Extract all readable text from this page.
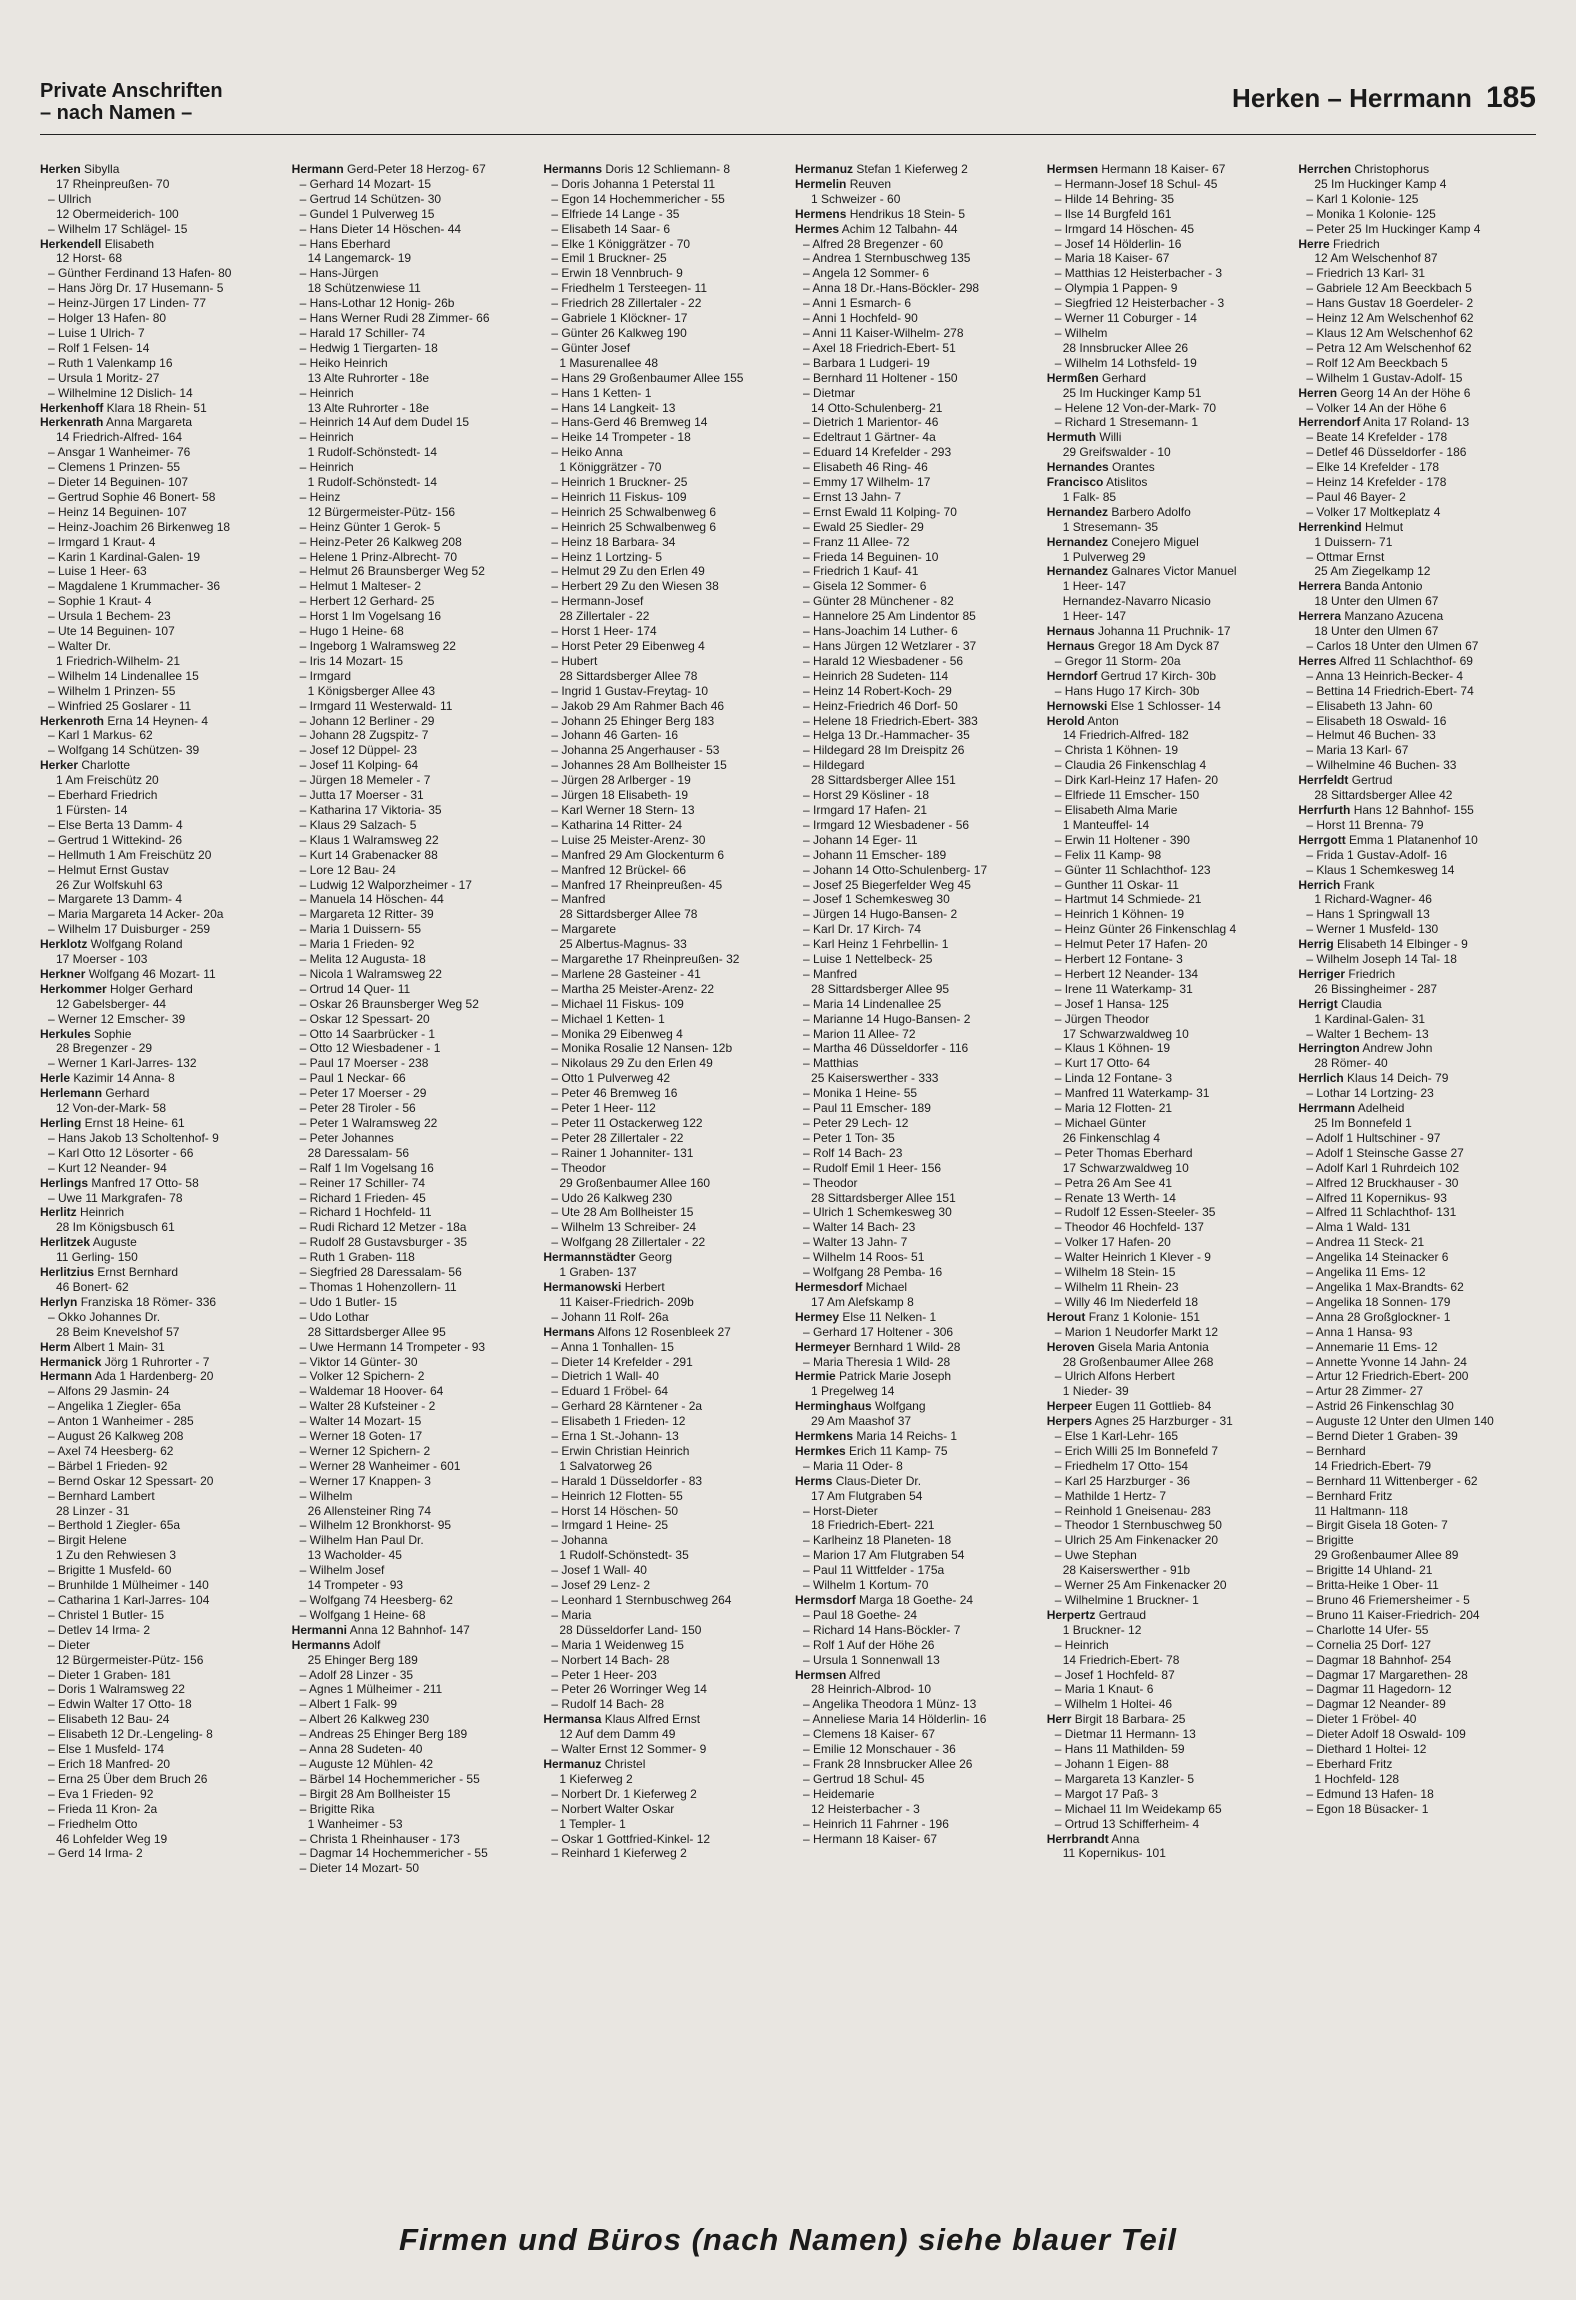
Private Anschriften
– nach Namen –	Herken – Herrmann 185
Herken Sibylla
17 Rheinpreußen- 70
– Ullrich
12 Obermeiderich- 100
– Wilhelm 17 Schlägel- 15
Herkendell Elisabeth
12 Horst- 68
– Günther Ferdinand 13 Hafen- 80
– Hans Jörg Dr. 17 Husemann- 5
– Heinz-Jürgen 17 Linden- 77
– Holger 13 Hafen- 80
– Luise 1 Ulrich- 7
– Rolf 1 Felsen- 14
– Ruth 1 Valenkamp 16
– Ursula 1 Moritz- 27
– Wilhelmine 12 Dislich- 14
Herkenhoff Klara 18 Rhein- 51
Herkenrath Anna Margareta
14 Friedrich-Alfred- 164
– Ansgar 1 Wanheimer- 76
– Clemens 1 Prinzen- 55
– Dieter 14 Beguinen- 107
– Gertrud Sophie 46 Bonert- 58
– Heinz 14 Beguinen- 107
– Heinz-Joachim 26 Birkenweg 18
– Irmgard 1 Kraut- 4
– Karin 1 Kardinal-Galen- 19
– Luise 1 Heer- 63
– Magdalene 1 Krummacher- 36
– Sophie 1 Kraut- 4
– Ursula 1 Bechem- 23
– Ute 14 Beguinen- 107
– Walter Dr.
1 Friedrich-Wilhelm- 21
– Wilhelm 14 Lindenallee 15
– Wilhelm 1 Prinzen- 55
– Winfried 25 Goslarer - 11
Herkenroth Erna 14 Heynen- 4
– Karl 1 Markus- 62
– Wolfgang 14 Schützen- 39
Herker Charlotte
1 Am Freischütz 20
– Eberhard Friedrich
1 Fürsten- 14
– Else Berta 13 Damm- 4
– Gertrud 1 Wittekind- 26
– Hellmuth 1 Am Freischütz 20
– Helmut Ernst Gustav
26 Zur Wolfskuhl 63
– Margarete 13 Damm- 4
– Maria Margareta 14 Acker- 20a
– Wilhelm 17 Duisburger - 259
Herklotz Wolfgang Roland
17 Moerser - 103
Herkner Wolfgang 46 Mozart- 11
Herkommer Holger Gerhard
12 Gabelsberger- 44
– Werner 12 Emscher- 39
Herkules Sophie
28 Bregenzer - 29
– Werner 1 Karl-Jarres- 132
Herle Kazimir 14 Anna- 8
Herlemann Gerhard
12 Von-der-Mark- 58
Herling Ernst 18 Heine- 61
– Hans Jakob 13 Scholtenhof- 9
– Karl Otto 12 Lösorter - 66
– Kurt 12 Neander- 94
Herlings Manfred 17 Otto- 58
– Uwe 11 Markgrafen- 78
Herlitz Heinrich
28 Im Königsbusch 61
Herlitzek Auguste
11 Gerling- 150
Herlitzius Ernst Bernhard
46 Bonert- 62
Herlyn Franziska 18 Römer- 336
– Okko Johannes Dr.
28 Beim Knevelshof 57
Herm Albert 1 Main- 31
Hermanick Jörg 1 Ruhrorter - 7
Hermann Ada 1 Hardenberg- 20
– Alfons 29 Jasmin- 24
– Angelika 1 Ziegler- 65a
– Anton 1 Wanheimer - 285
– August 26 Kalkweg 208
– Axel 74 Heesberg- 62
– Bärbel 1 Frieden- 92
– Bernd Oskar 12 Spessart- 20
– Bernhard Lambert
28 Linzer - 31
– Berthold 1 Ziegler- 65a
– Birgit Helene
1 Zu den Rehwiesen 3
– Brigitte 1 Musfeld- 60
– Brunhilde 1 Mülheimer - 140
– Catharina 1 Karl-Jarres- 104
– Christel 1 Butler- 15
– Detlev 14 Irma- 2
– Dieter
12 Bürgermeister-Pütz- 156
– Dieter 1 Graben- 181
– Doris 1 Walramsweg 22
– Edwin Walter 17 Otto- 18
– Elisabeth 12 Bau- 24
– Elisabeth 12 Dr.-Lengeling- 8
– Else 1 Musfeld- 174
– Erich 18 Manfred- 20
– Erna 25 Über dem Bruch 26
– Eva 1 Frieden- 92
– Frieda 11 Kron- 2a
– Friedhelm Otto
46 Lohfelder Weg 19
– Gerd 14 Irma- 2
Hermann Gerd-Peter 18 Herzog- 67
– Gerhard 14 Mozart- 15
– Gertrud 14 Schützen- 30
– Gundel 1 Pulverweg 15
– Hans Dieter 14 Höschen- 44
– Hans Eberhard
14 Langemarck- 19
– Hans-Jürgen
18 Schützenwiese 11
– Hans-Lothar 12 Honig- 26b
– Hans Werner Rudi 28 Zimmer- 66
– Harald 17 Schiller- 74
– Hedwig 1 Tiergarten- 18
– Heiko Heinrich
13 Alte Ruhrorter - 18e
– Heinrich
13 Alte Ruhrorter - 18e
– Heinrich 14 Auf dem Dudel 15
– Heinrich
1 Rudolf-Schönstedt- 14
– Heinrich
1 Rudolf-Schönstedt- 14
– Heinz
12 Bürgermeister-Pütz- 156
– Heinz Günter 1 Gerok- 5
– Heinz-Peter 26 Kalkweg 208
– Helene 1 Prinz-Albrecht- 70
– Helmut 26 Braunsberger Weg 52
– Helmut 1 Malteser- 2
– Herbert 12 Gerhard- 25
– Horst 1 Im Vogelsang 16
– Hugo 1 Heine- 68
– Ingeborg 1 Walramsweg 22
– Iris 14 Mozart- 15
– Irmgard
1 Königsberger Allee 43
– Irmgard 11 Westerwald- 11
– Johann 12 Berliner - 29
– Johann 28 Zugspitz- 7
– Josef 12 Düppel- 23
– Josef 11 Kolping- 64
– Jürgen 18 Memeler - 7
– Jutta 17 Moerser - 31
– Katharina 17 Viktoria- 35
– Klaus 29 Salzach- 5
– Klaus 1 Walramsweg 22
– Kurt 14 Grabenacker 88
– Lore 12 Bau- 24
– Ludwig 12 Walporzheimer - 17
– Manuela 14 Höschen- 44
– Margareta 12 Ritter- 39
– Maria 1 Duissern- 55
– Maria 1 Frieden- 92
– Melita 12 Augusta- 18
– Nicola 1 Walramsweg 22
– Ortrud 14 Quer- 11
– Oskar 26 Braunsberger Weg 52
– Oskar 12 Spessart- 20
– Otto 14 Saarbrücker - 1
– Otto 12 Wiesbadener - 1
– Paul 17 Moerser - 238
– Paul 1 Neckar- 66
– Peter 17 Moerser - 29
– Peter 28 Tiroler - 56
– Peter 1 Walramsweg 22
– Peter Johannes
28 Daressalam- 56
– Ralf 1 Im Vogelsang 16
– Reiner 17 Schiller- 74
– Richard 1 Frieden- 45
– Richard 1 Hochfeld- 11
– Rudi Richard 12 Metzer - 18a
– Rudolf 28 Gustavsburger - 35
– Ruth 1 Graben- 118
– Siegfried 28 Daressalam- 56
– Thomas 1 Hohenzollern- 11
– Udo 1 Butler- 15
– Udo Lothar
28 Sittardsberger Allee 95
– Uwe Hermann 14 Trompeter - 93
– Viktor 14 Günter- 30
– Volker 12 Spichern- 2
– Waldemar 18 Hoover- 64
– Walter 28 Kufsteiner - 2
– Walter 14 Mozart- 15
– Werner 18 Goten- 17
– Werner 12 Spichern- 2
– Werner 28 Wanheimer - 601
– Werner 17 Knappen- 3
– Wilhelm
26 Allensteiner Ring 74
– Wilhelm 12 Bronkhorst- 95
– Wilhelm Han Paul Dr.
13 Wacholder- 45
– Wilhelm Josef
14 Trompeter - 93
– Wolfgang 74 Heesberg- 62
– Wolfgang 1 Heine- 68
Hermanni Anna 12 Bahnhof- 147
Hermanns Adolf
25 Ehinger Berg 189
– Adolf 28 Linzer - 35
– Agnes 1 Mülheimer - 211
– Albert 1 Falk- 99
– Albert 26 Kalkweg 230
– Andreas 25 Ehinger Berg 189
– Anna 28 Sudeten- 40
– Auguste 12 Mühlen- 42
– Bärbel 14 Hochemmericher - 55
– Birgit 28 Am Bollheister 15
– Brigitte Rika
1 Wanheimer - 53
– Christa 1 Rheinhauser - 173
– Dagmar 14 Hochemmericher - 55
– Dieter 14 Mozart- 50
Hermanns Doris 12 Schliemann- 8
– Doris Johanna 1 Peterstal 11
– Egon 14 Hochemmericher - 55
– Elfriede 14 Lange - 35
– Elisabeth 14 Saar- 6
– Elke 1 Königgrätzer - 70
– Emil 1 Bruckner- 25
– Erwin 18 Vennbruch- 9
– Friedhelm 1 Tersteegen- 11
– Friedrich 28 Zillertaler - 22
– Gabriele 1 Klöckner- 17
– Günter 26 Kalkweg 190
– Günter Josef
1 Masurenallee 48
– Hans 29 Großenbaumer Allee 155
– Hans 1 Ketten- 1
– Hans 14 Langkeit- 13
– Hans-Gerd 46 Bremweg 14
– Heike 14 Trompeter - 18
– Heiko Anna
1 Königgrätzer - 70
– Heinrich 1 Bruckner- 25
– Heinrich 11 Fiskus- 109
– Heinrich 25 Schwalbenweg 6
– Heinrich 25 Schwalbenweg 6
– Heinz 18 Barbara- 34
– Heinz 1 Lortzing- 5
– Helmut 29 Zu den Erlen 49
– Herbert 29 Zu den Wiesen 38
– Hermann-Josef
28 Zillertaler - 22
– Horst 1 Heer- 174
– Horst Peter 29 Eibenweg 4
– Hubert
28 Sittardsberger Allee 78
– Ingrid 1 Gustav-Freytag- 10
– Jakob 29 Am Rahmer Bach 46
– Johann 25 Ehinger Berg 183
– Johann 46 Garten- 16
– Johanna 25 Angerhauser - 53
– Johannes 28 Am Bollheister 15
– Jürgen 28 Arlberger - 19
– Jürgen 18 Elisabeth- 19
– Karl Werner 18 Stern- 13
– Katharina 14 Ritter- 24
– Luise 25 Meister-Arenz- 30
– Manfred 29 Am Glockenturm 6
– Manfred 12 Brückel- 66
– Manfred 17 Rheinpreußen- 45
– Manfred
28 Sittardsberger Allee 78
– Margarete
25 Albertus-Magnus- 33
– Margarethe 17 Rheinpreußen- 32
– Marlene 28 Gasteiner - 41
– Martha 25 Meister-Arenz- 22
– Michael 11 Fiskus- 109
– Michael 1 Ketten- 1
– Monika 29 Eibenweg 4
– Monika Rosalie 12 Nansen- 12b
– Nikolaus 29 Zu den Erlen 49
– Otto 1 Pulverweg 42
– Peter 46 Bremweg 16
– Peter 1 Heer- 112
– Peter 11 Ostackerweg 122
– Peter 28 Zillertaler - 22
– Rainer 1 Johanniter- 131
– Theodor
29 Großenbaumer Allee 160
– Udo 26 Kalkweg 230
– Ute 28 Am Bollheister 15
– Wilhelm 13 Schreiber- 24
– Wolfgang 28 Zillertaler - 22
Hermannstädter Georg
1 Graben- 137
Hermanowski Herbert
11 Kaiser-Friedrich- 209b
– Johann 11 Rolf- 26a
Hermans Alfons 12 Rosenbleek 27
– Anna 1 Tonhallen- 15
– Dieter 14 Krefelder - 291
– Dietrich 1 Wall- 40
– Eduard 1 Fröbel- 64
– Gerhard 28 Kärntener - 2a
– Elisabeth 1 Frieden- 12
– Erna 1 St.-Johann- 13
– Erwin Christian Heinrich
1 Salvatorweg 26
– Harald 1 Düsseldorfer - 83
– Heinrich 12 Flotten- 55
– Horst 14 Höschen- 50
– Irmgard 1 Heine- 25
– Johanna
1 Rudolf-Schönstedt- 35
– Josef 1 Wall- 40
– Josef 29 Lenz- 2
– Leonhard 1 Sternbuschweg 264
– Maria
28 Düsseldorfer Land- 150
– Maria 1 Weidenweg 15
– Norbert 14 Bach- 28
– Peter 1 Heer- 203
– Peter 26 Worringer Weg 14
– Rudolf 14 Bach- 28
Hermansa Klaus Alfred Ernst
12 Auf dem Damm 49
– Walter Ernst 12 Sommer- 9
Hermanuz Christel
1 Kieferweg 2
– Norbert Dr. 1 Kieferweg 2
– Norbert Walter Oskar
1 Templer- 1
– Oskar 1 Gottfried-Kinkel- 12
– Reinhard 1 Kieferweg 2
Hermanuz Stefan 1 Kieferweg 2
Hermelin Reuven
1 Schweizer - 60
Hermens Hendrikus 18 Stein- 5
Hermes Achim 12 Talbahn- 44
– Alfred 28 Bregenzer - 60
– Andrea 1 Sternbuschweg 135
– Angela 12 Sommer- 6
– Anna 18 Dr.-Hans-Böckler- 298
– Anni 1 Esmarch- 6
– Anni 1 Hochfeld- 90
– Anni 11 Kaiser-Wilhelm- 278
– Axel 18 Friedrich-Ebert- 51
– Barbara 1 Ludgeri- 19
– Bernhard 11 Holtener - 150
– Dietmar
14 Otto-Schulenberg- 21
– Dietrich 1 Marientor- 46
– Edeltraut 1 Gärtner- 4a
– Eduard 14 Krefelder - 293
– Elisabeth 46 Ring- 46
– Emmy 17 Wilhelm- 17
– Ernst 13 Jahn- 7
– Ernst Ewald 11 Kolping- 70
– Ewald 25 Siedler- 29
– Franz 11 Allee- 72
– Frieda 14 Beguinen- 10
– Friedrich 1 Kauf- 41
– Gisela 12 Sommer- 6
– Günter 28 Münchener - 82
– Hannelore 25 Am Lindentor 85
– Hans-Joachim 14 Luther- 6
– Hans Jürgen 12 Wetzlarer - 37
– Harald 12 Wiesbadener - 56
– Heinrich 28 Sudeten- 114
– Heinz 14 Robert-Koch- 29
– Heinz-Friedrich 46 Dorf- 50
– Helene 18 Friedrich-Ebert- 383
– Helga 13 Dr.-Hammacher- 35
– Hildegard 28 Im Dreispitz 26
– Hildegard
28 Sittardsberger Allee 151
– Horst 29 Kösliner - 18
– Irmgard 17 Hafen- 21
– Irmgard 12 Wiesbadener - 56
– Johann 14 Eger- 11
– Johann 11 Emscher- 189
– Johann 14 Otto-Schulenberg- 17
– Josef 25 Biegerfelder Weg 45
– Josef 1 Schemkesweg 30
– Jürgen 14 Hugo-Bansen- 2
– Karl Dr. 17 Kirch- 74
– Karl Heinz 1 Fehrbellin- 1
– Luise 1 Nettelbeck- 25
– Manfred
28 Sittardsberger Allee 95
– Maria 14 Lindenallee 25
– Marianne 14 Hugo-Bansen- 2
– Marion 11 Allee- 72
– Martha 46 Düsseldorfer - 116
– Matthias
25 Kaiserswerther - 333
– Monika 1 Heine- 55
– Paul 11 Emscher- 189
– Peter 29 Lech- 12
– Peter 1 Ton- 35
– Rolf 14 Bach- 23
– Rudolf Emil 1 Heer- 156
– Theodor
28 Sittardsberger Allee 151
– Ulrich 1 Schemkesweg 30
– Walter 14 Bach- 23
– Walter 13 Jahn- 7
– Wilhelm 14 Roos- 51
– Wolfgang 28 Pemba- 16
Hermesdorf Michael
17 Am Alefskamp 8
Hermey Else 11 Nelken- 1
– Gerhard 17 Holtener - 306
Hermeyer Bernhard 1 Wild- 28
– Maria Theresia 1 Wild- 28
Hermie Patrick Marie Joseph
1 Pregelweg 14
Herminghaus Wolfgang
29 Am Maashof 37
Hermkens Maria 14 Reichs- 1
Hermkes Erich 11 Kamp- 75
– Maria 11 Oder- 8
Herms Claus-Dieter Dr.
17 Am Flutgraben 54
– Horst-Dieter
18 Friedrich-Ebert- 221
– Karlheinz 18 Planeten- 18
– Marion 17 Am Flutgraben 54
– Paul 11 Wittfelder - 175a
– Wilhelm 1 Kortum- 70
Hermsdorf Marga 18 Goethe- 24
– Paul 18 Goethe- 24
– Richard 14 Hans-Böckler- 7
– Rolf 1 Auf der Höhe 26
– Ursula 1 Sonnenwall 13
Hermsen Alfred
28 Heinrich-Albrod- 10
– Angelika Theodora 1 Münz- 13
– Anneliese Maria 14 Hölderlin- 16
– Clemens 18 Kaiser- 67
– Emilie 12 Monschauer - 36
– Frank 28 Innsbrucker Allee 26
– Gertrud 18 Schul- 45
– Heidemarie
12 Heisterbacher - 3
– Heinrich 11 Fahrner - 196
– Hermann 18 Kaiser- 67
Hermsen Hermann 18 Kaiser- 67
– Hermann-Josef 18 Schul- 45
– Hilde 14 Behring- 35
– Ilse 14 Burgfeld 161
– Irmgard 14 Höschen- 45
– Josef 14 Hölderlin- 16
– Maria 18 Kaiser- 67
– Matthias 12 Heisterbacher - 3
– Olympia 1 Pappen- 9
– Siegfried 12 Heisterbacher - 3
– Werner 11 Coburger - 14
– Wilhelm
28 Innsbrucker Allee 26
– Wilhelm 14 Lothsfeld- 19
Hermßen Gerhard
25 Im Huckinger Kamp 51
– Helene 12 Von-der-Mark- 70
– Richard 1 Stresemann- 1
Hermuth Willi
29 Greifswalder - 10
Hernandes Orantes
Francisco Atislitos
1 Falk- 85
Hernandez Barbero Adolfo
1 Stresemann- 35
Hernandez Conejero Miguel
1 Pulverweg 29
Hernandez Galnares Victor Manuel
1 Heer- 147
Hernandez-Navarro Nicasio
1 Heer- 147
Hernaus Johanna 11 Pruchnik- 17
Hernaus Gregor 18 Am Dyck 87
– Gregor 11 Storm- 20a
Herndorf Gertrud 17 Kirch- 30b
– Hans Hugo 17 Kirch- 30b
Hernowski Else 1 Schlosser- 14
Herold Anton
14 Friedrich-Alfred- 182
– Christa 1 Köhnen- 19
– Claudia 26 Finkenschlag 4
– Dirk Karl-Heinz 17 Hafen- 20
– Elfriede 11 Emscher- 150
– Elisabeth Alma Marie
1 Manteuffel- 14
– Erwin 11 Holtener - 390
– Felix 11 Kamp- 98
– Günter 11 Schlachthof- 123
– Gunther 11 Oskar- 11
– Hartmut 14 Schmiede- 21
– Heinrich 1 Köhnen- 19
– Heinz Günter 26 Finkenschlag 4
– Helmut Peter 17 Hafen- 20
– Herbert 12 Fontane- 3
– Herbert 12 Neander- 134
– Irene 11 Waterkamp- 31
– Josef 1 Hansa- 125
– Jürgen Theodor
17 Schwarzwaldweg 10
– Klaus 1 Köhnen- 19
– Kurt 17 Otto- 64
– Linda 12 Fontane- 3
– Manfred 11 Waterkamp- 31
– Maria 12 Flotten- 21
– Michael Günter
26 Finkenschlag 4
– Peter Thomas Eberhard
17 Schwarzwaldweg 10
– Petra 26 Am See 41
– Renate 13 Werth- 14
– Rudolf 12 Essen-Steeler- 35
– Theodor 46 Hochfeld- 137
– Volker 17 Hafen- 20
– Walter Heinrich 1 Klever - 9
– Wilhelm 18 Stein- 15
– Wilhelm 11 Rhein- 23
– Willy 46 Im Niederfeld 18
Herout Franz 1 Kolonie- 151
– Marion 1 Neudorfer Markt 12
Heroven Gisela Maria Antonia
28 Großenbaumer Allee 268
– Ulrich Alfons Herbert
1 Nieder- 39
Herpeer Eugen 11 Gottlieb- 84
Herpers Agnes 25 Harzburger - 31
– Else 1 Karl-Lehr- 165
– Erich Willi 25 Im Bonnefeld 7
– Friedhelm 17 Otto- 154
– Karl 25 Harzburger - 36
– Mathilde 1 Hertz- 7
– Reinhold 1 Gneisenau- 283
– Theodor 1 Sternbuschweg 50
– Ulrich 25 Am Finkenacker 20
– Uwe Stephan
28 Kaiserswerther - 91b
– Werner 25 Am Finkenacker 20
– Wilhelmine 1 Bruckner- 1
Herpertz Gertraud
1 Bruckner- 12
– Heinrich
14 Friedrich-Ebert- 78
– Josef 1 Hochfeld- 87
– Maria 1 Knaut- 6
– Wilhelm 1 Holtei- 46
Herr Birgit 18 Barbara- 25
– Dietmar 11 Hermann- 13
– Hans 11 Mathilden- 59
– Johann 1 Eigen- 88
– Margareta 13 Kanzler- 5
– Margot 17 Paß- 3
– Michael 11 Im Weidekamp 65
– Ortrud 13 Schifferheim- 4
Herrbrandt Anna
11 Kopernikus- 101
Herrchen Christophorus
25 Im Huckinger Kamp 4
– Karl 1 Kolonie- 125
– Monika 1 Kolonie- 125
– Peter 25 Im Huckinger Kamp 4
Herre Friedrich
12 Am Welschenhof 87
– Friedrich 13 Karl- 31
– Gabriele 12 Am Beeckbach 5
– Hans Gustav 18 Goerdeler- 2
– Heinz 12 Am Welschenhof 62
– Klaus 12 Am Welschenhof 62
– Petra 12 Am Welschenhof 62
– Rolf 12 Am Beeckbach 5
– Wilhelm 1 Gustav-Adolf- 15
Herren Georg 14 An der Höhe 6
– Volker 14 An der Höhe 6
Herrendorf Anita 17 Roland- 13
– Beate 14 Krefelder - 178
– Detlef 46 Düsseldorfer - 186
– Elke 14 Krefelder - 178
– Heinz 14 Krefelder - 178
– Paul 46 Bayer- 2
– Volker 17 Moltkeplatz 4
Herrenkind Helmut
1 Duissern- 71
– Ottmar Ernst
25 Am Ziegelkamp 12
Herrera Banda Antonio
18 Unter den Ulmen 67
Herrera Manzano Azucena
18 Unter den Ulmen 67
– Carlos 18 Unter den Ulmen 67
Herres Alfred 11 Schlachthof- 69
– Anna 13 Heinrich-Becker- 4
– Bettina 14 Friedrich-Ebert- 74
– Elisabeth 13 Jahn- 60
– Elisabeth 18 Oswald- 16
– Helmut 46 Buchen- 33
– Maria 13 Karl- 67
– Wilhelmine 46 Buchen- 33
Herrfeldt Gertrud
28 Sittardsberger Allee 42
Herrfurth Hans 12 Bahnhof- 155
– Horst 11 Brenna- 79
Herrgott Emma 1 Platanenhof 10
– Frida 1 Gustav-Adolf- 16
– Klaus 1 Schemkesweg 14
Herrich Frank
1 Richard-Wagner- 46
– Hans 1 Springwall 13
– Werner 1 Musfeld- 130
Herrig Elisabeth 14 Elbinger - 9
– Wilhelm Joseph 14 Tal- 18
Herriger Friedrich
26 Bissingheimer - 287
Herrigt Claudia
1 Kardinal-Galen- 31
– Walter 1 Bechem- 13
Herrington Andrew John
28 Römer- 40
Herrlich Klaus 14 Deich- 79
– Lothar 14 Lortzing- 23
Herrmann Adelheid
25 Im Bonnefeld 1
– Adolf 1 Hultschiner - 97
– Adolf 1 Steinsche Gasse 27
– Adolf Karl 1 Ruhrdeich 102
– Alfred 12 Bruckhauser - 30
– Alfred 11 Kopernikus- 93
– Alfred 11 Schlachthof- 131
– Alma 1 Wald- 131
– Andrea 11 Steck- 21
– Angelika 14 Steinacker 6
– Angelika 11 Ems- 12
– Angelika 1 Max-Brandts- 62
– Angelika 18 Sonnen- 179
– Anna 28 Großglockner- 1
– Anna 1 Hansa- 93
– Annemarie 11 Ems- 12
– Annette Yvonne 14 Jahn- 24
– Artur 12 Friedrich-Ebert- 200
– Artur 28 Zimmer- 27
– Astrid 26 Finkenschlag 30
– Auguste 12 Unter den Ulmen 140
– Bernd Dieter 1 Graben- 39
– Bernhard
14 Friedrich-Ebert- 79
– Bernhard 11 Wittenberger - 62
– Bernhard Fritz
11 Haltmann- 118
– Birgit Gisela 18 Goten- 7
– Brigitte
29 Großenbaumer Allee 89
– Brigitte 14 Uhland- 21
– Britta-Heike 1 Ober- 11
– Bruno 46 Friemersheimer - 5
– Bruno 11 Kaiser-Friedrich- 204
– Charlotte 14 Ufer- 55
– Cornelia 25 Dorf- 127
– Dagmar 18 Bahnhof- 254
– Dagmar 17 Margarethen- 28
– Dagmar 11 Hagedorn- 12
– Dagmar 12 Neander- 89
– Dieter 1 Fröbel- 40
– Dieter Adolf 18 Oswald- 109
– Diethard 1 Holtei- 12
– Eberhard Fritz
1 Hochfeld- 128
– Edmund 13 Hafen- 18
– Egon 18 Büsacker- 1
Firmen und Büros (nach Namen) siehe blauer Teil
